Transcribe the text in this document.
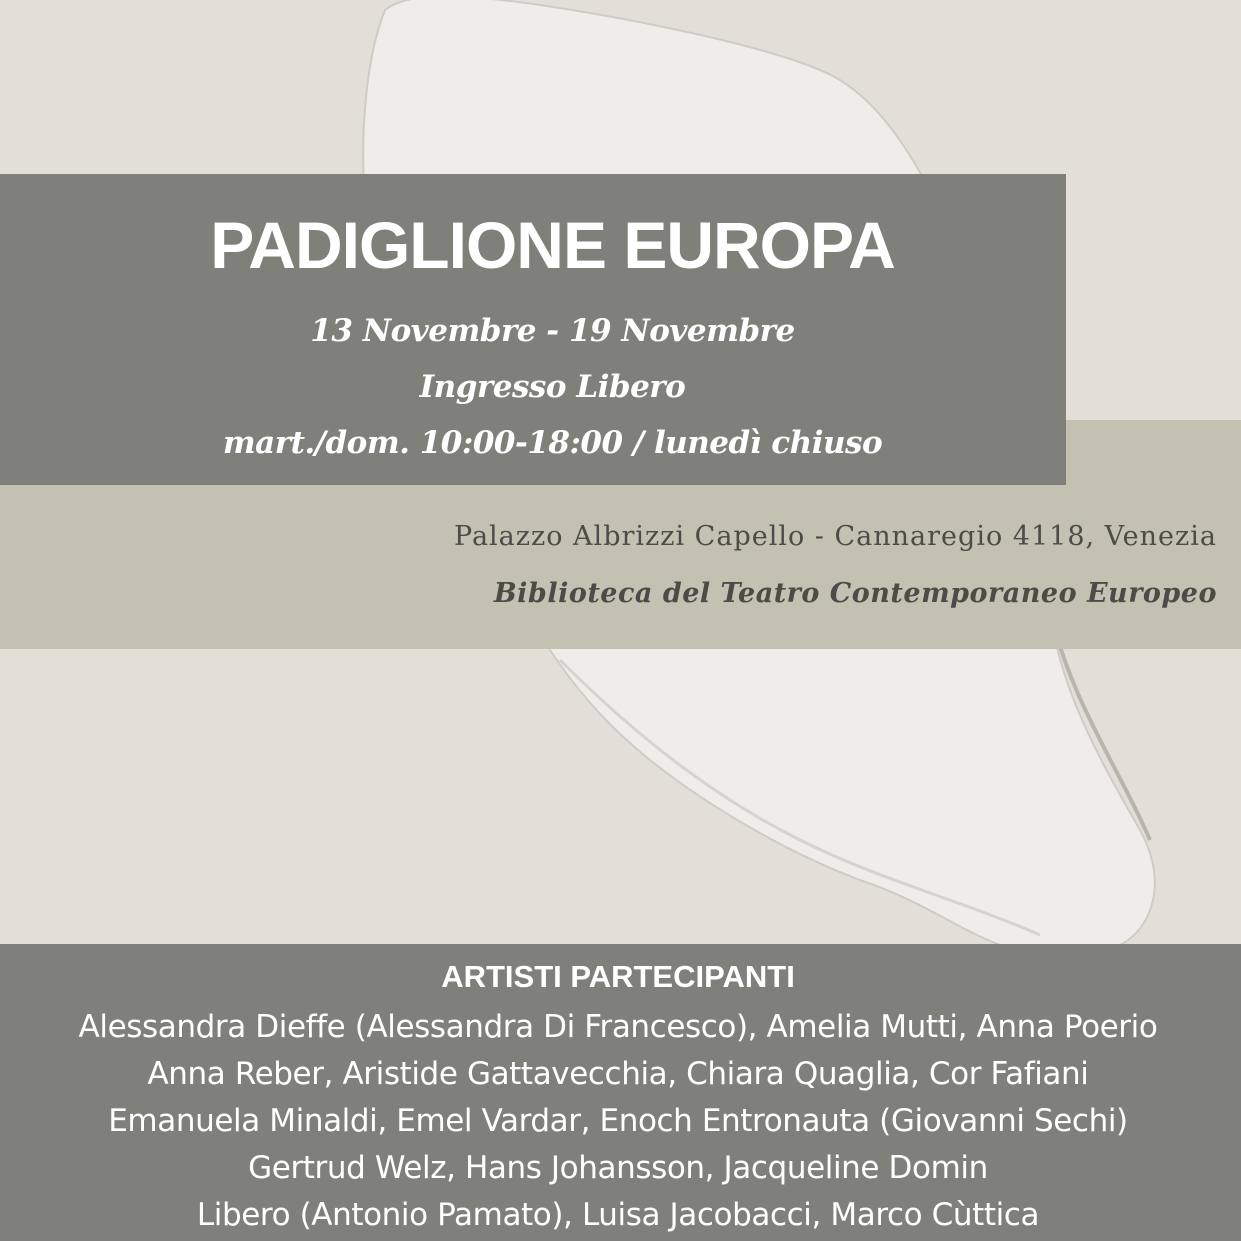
PADIGLIONE EUROPA
13 Novembre - 19 Novembre
Ingresso Libero
mart./dom. 10:00-18:00 / lunedì chiuso
Palazzo Albrizzi Capello - Cannaregio 4118, Venezia
Biblioteca del Teatro Contemporaneo Europeo
ARTISTI PARTECIPANTI
Alessandra Dieffe (Alessandra Di Francesco), Amelia Mutti, Anna Poerio
Anna Reber, Aristide Gattavecchia, Chiara Quaglia, Cor Fafiani
Emanuela Minaldi, Emel Vardar, Enoch Entronauta (Giovanni Sechi)
Gertrud Welz, Hans Johansson, Jacqueline Domin
Libero (Antonio Pamato), Luisa Jacobacci, Marco Cùttica
